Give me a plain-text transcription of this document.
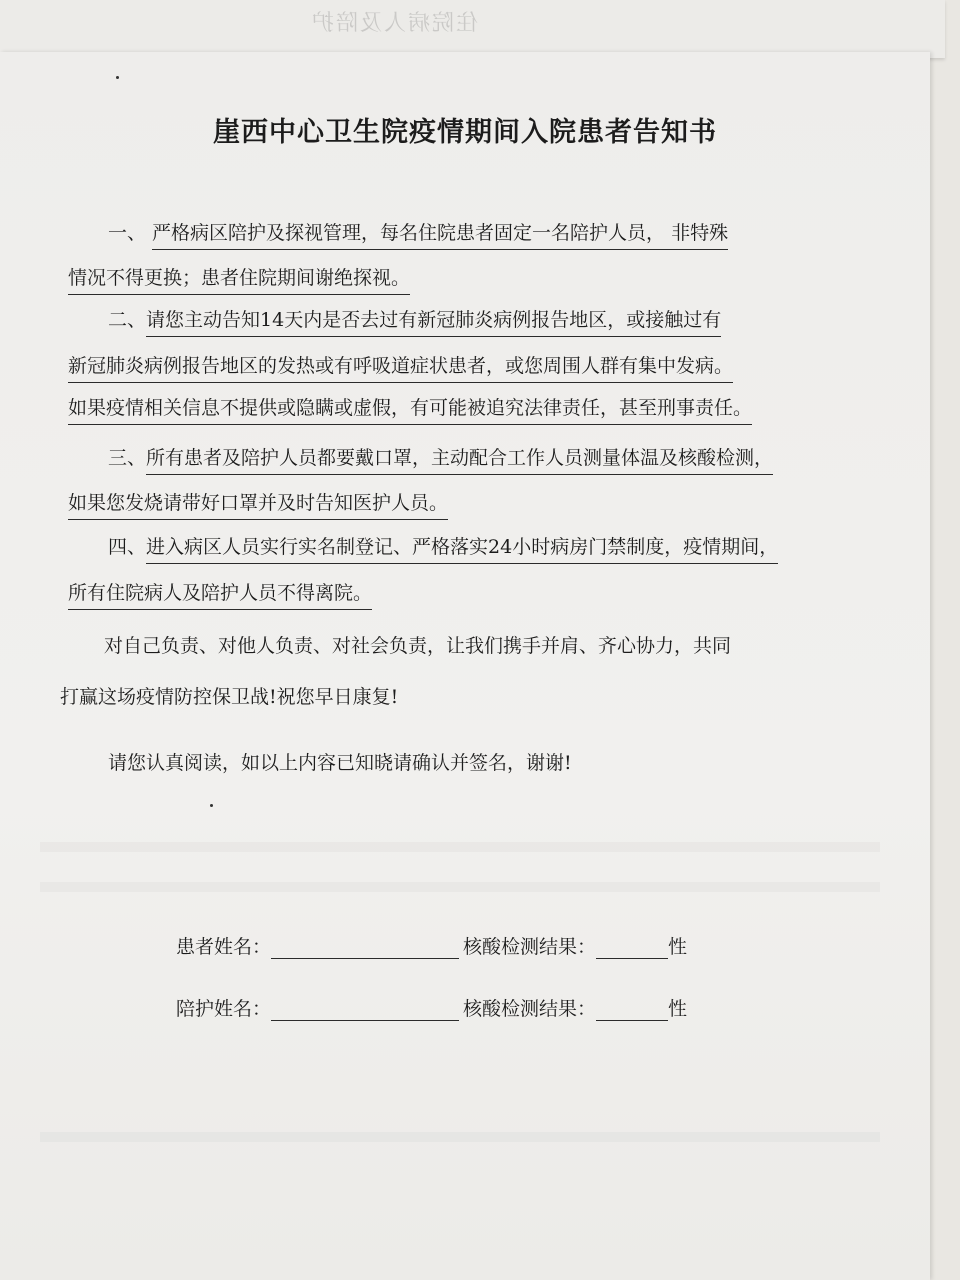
住院病人及陪护
崖西中心卫生院疫情期间入院患者告知书
一、 严格病区陪护及探视管理，每名住院患者固定一名陪护人员， 非特殊
情况不得更换；患者住院期间谢绝探视。
二、请您主动告知14天内是否去过有新冠肺炎病例报告地区，或接触过有
新冠肺炎病例报告地区的发热或有呼吸道症状患者，或您周围人群有集中发病。
如果疫情相关信息不提供或隐瞒或虚假，有可能被追究法律责任，甚至刑事责任。
三、所有患者及陪护人员都要戴口罩，主动配合工作人员测量体温及核酸检测，
如果您发烧请带好口罩并及时告知医护人员。
四、进入病区人员实行实名制登记、严格落实24小时病房门禁制度，疫情期间，
所有住院病人及陪护人员不得离院。
对自己负责、对他人负责、对社会负责，让我们携手并肩、齐心协力，共同
打赢这场疫情防控保卫战!祝您早日康复!
请您认真阅读，如以上内容已知晓请确认并签名，谢谢!
患者姓名：	核酸检测结果：	性
陪护姓名：	核酸检测结果：	性
